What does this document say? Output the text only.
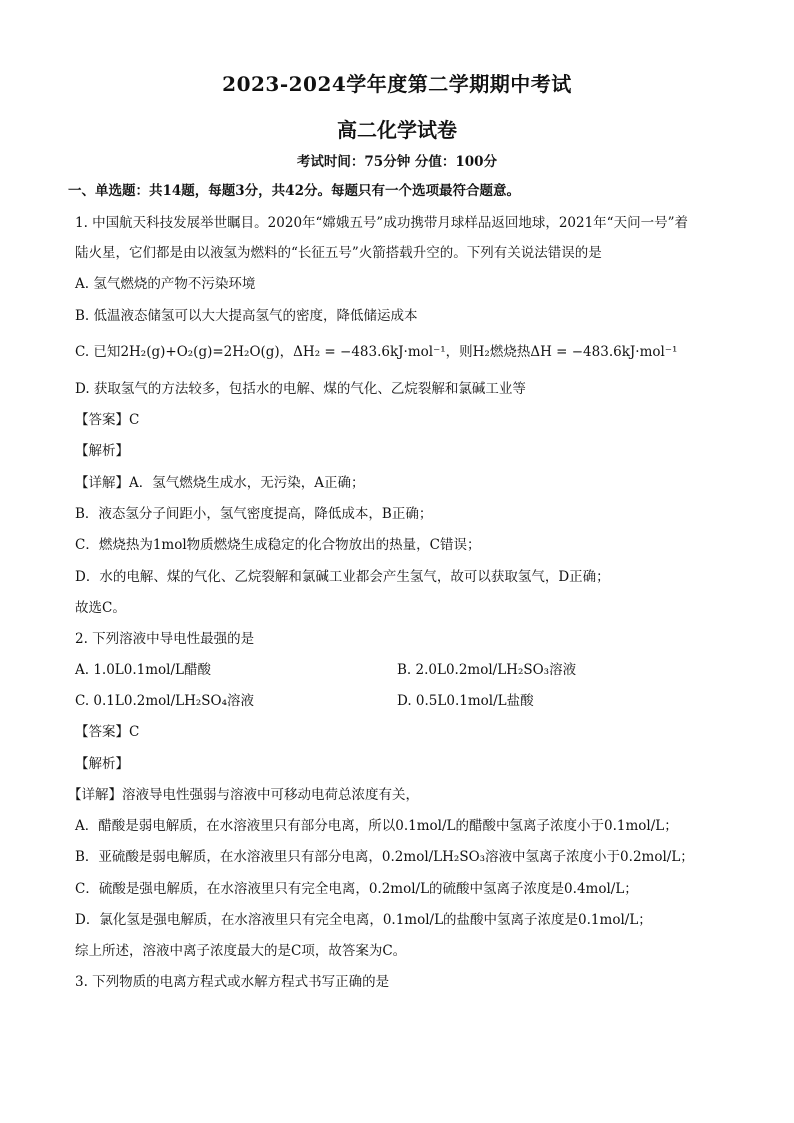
2023-2024学年度第二学期期中考试
高二化学试卷
考试时间：75分钟 分值：100分
一、单选题：共14题，每题3分，共42分。每题只有一个选项最符合题意。
1. 中国航天科技发展举世瞩目。2020年“嫦娥五号”成功携带月球样品返回地球，2021年“天问一号”着
陆火星，它们都是由以液氢为燃料的“长征五号”火箭搭载升空的。下列有关说法错误的是
A. 氢气燃烧的产物不污染环境
B. 低温液态储氢可以大大提高氢气的密度，降低储运成本
C. 已知2H₂(g)+O₂(g)=2H₂O(g)，ΔH₂ = −483.6kJ·mol⁻¹，则H₂燃烧热ΔH = −483.6kJ·mol⁻¹
D. 获取氢气的方法较多，包括水的电解、煤的气化、乙烷裂解和氯碱工业等
【答案】C
【解析】
【详解】A．氢气燃烧生成水，无污染，A正确；
B．液态氢分子间距小，氢气密度提高，降低成本，B正确；
C．燃烧热为1mol物质燃烧生成稳定的化合物放出的热量，C错误；
D．水的电解、煤的气化、乙烷裂解和氯碱工业都会产生氢气，故可以获取氢气，D正确；
故选C。
2. 下列溶液中导电性最强的是
A. 1.0L0.1mol/L醋酸	B. 2.0L0.2mol/LH₂SO₃溶液
C. 0.1L0.2mol/LH₂SO₄溶液	D. 0.5L0.1mol/L盐酸
【答案】C
【解析】
【详解】溶液导电性强弱与溶液中可移动电荷总浓度有关，
A．醋酸是弱电解质，在水溶液里只有部分电离，所以0.1mol/L的醋酸中氢离子浓度小于0.1mol/L；
B．亚硫酸是弱电解质，在水溶液里只有部分电离，0.2mol/LH₂SO₃溶液中氢离子浓度小于0.2mol/L；
C．硫酸是强电解质，在水溶液里只有完全电离，0.2mol/L的硫酸中氢离子浓度是0.4mol/L；
D．氯化氢是强电解质，在水溶液里只有完全电离，0.1mol/L的盐酸中氢离子浓度是0.1mol/L；
综上所述，溶液中离子浓度最大的是C项，故答案为C。
3. 下列物质的电离方程式或水解方程式书写正确的是
